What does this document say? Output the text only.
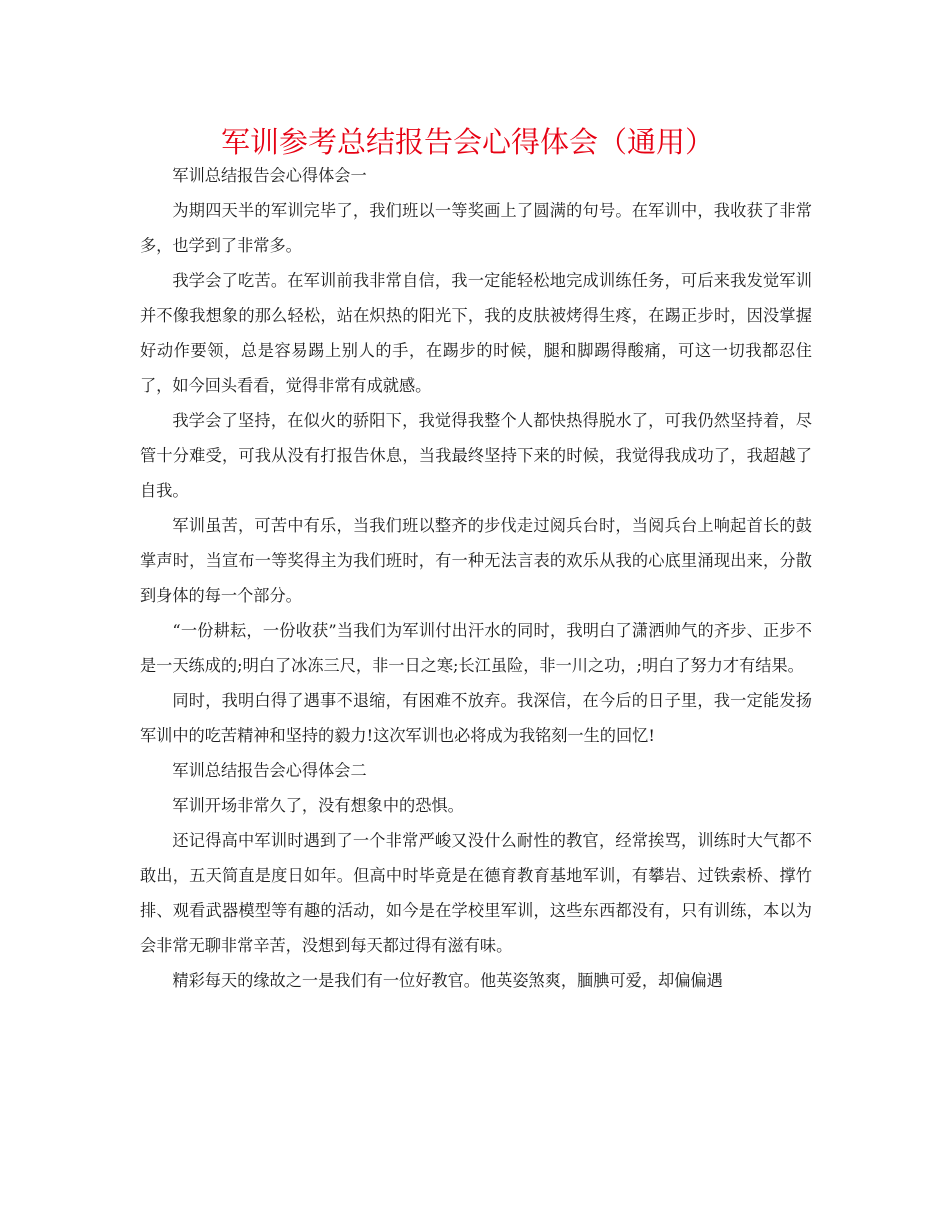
军训参考总结报告会心得体会（通用）

军训总结报告会心得体会一

为期四天半的军训完毕了，我们班以一等奖画上了圆满的句号。在军训中，我收获了非常多，也学到了非常多。

我学会了吃苦。在军训前我非常自信，我一定能轻松地完成训练任务，可后来我发觉军训并不像我想象的那么轻松，站在炽热的阳光下，我的皮肤被烤得生疼，在踢正步时，因没掌握好动作要领，总是容易踢上别人的手，在踢步的时候，腿和脚踢得酸痛，可这一切我都忍住了，如今回头看看，觉得非常有成就感。

我学会了坚持，在似火的骄阳下，我觉得我整个人都快热得脱水了，可我仍然坚持着，尽管十分难受，可我从没有打报告休息，当我最终坚持下来的时候，我觉得我成功了，我超越了自我。

军训虽苦，可苦中有乐，当我们班以整齐的步伐走过阅兵台时，当阅兵台上响起首长的鼓掌声时，当宣布一等奖得主为我们班时，有一种无法言表的欢乐从我的心底里涌现出来，分散到身体的每一个部分。

“一份耕耘，一份收获”当我们为军训付出汗水的同时，我明白了潇洒帅气的齐步、正步不是一天练成的;明白了冰冻三尺，非一日之寒;长江虽险，非一川之功，;明白了努力才有结果。

同时，我明白得了遇事不退缩，有困难不放弃。我深信，在今后的日子里，我一定能发扬军训中的吃苦精神和坚持的毅力!这次军训也必将成为我铭刻一生的回忆!

军训总结报告会心得体会二

军训开场非常久了，没有想象中的恐惧。

还记得高中军训时遇到了一个非常严峻又没什么耐性的教官，经常挨骂，训练时大气都不敢出，五天简直是度日如年。但高中时毕竟是在德育教育基地军训，有攀岩、过铁索桥、撑竹排、观看武器模型等有趣的活动，如今是在学校里军训，这些东西都没有，只有训练，本以为会非常无聊非常辛苦，没想到每天都过得有滋有味。

精彩每天的缘故之一是我们有一位好教官。他英姿煞爽，腼腆可爱，却偏偏遇
